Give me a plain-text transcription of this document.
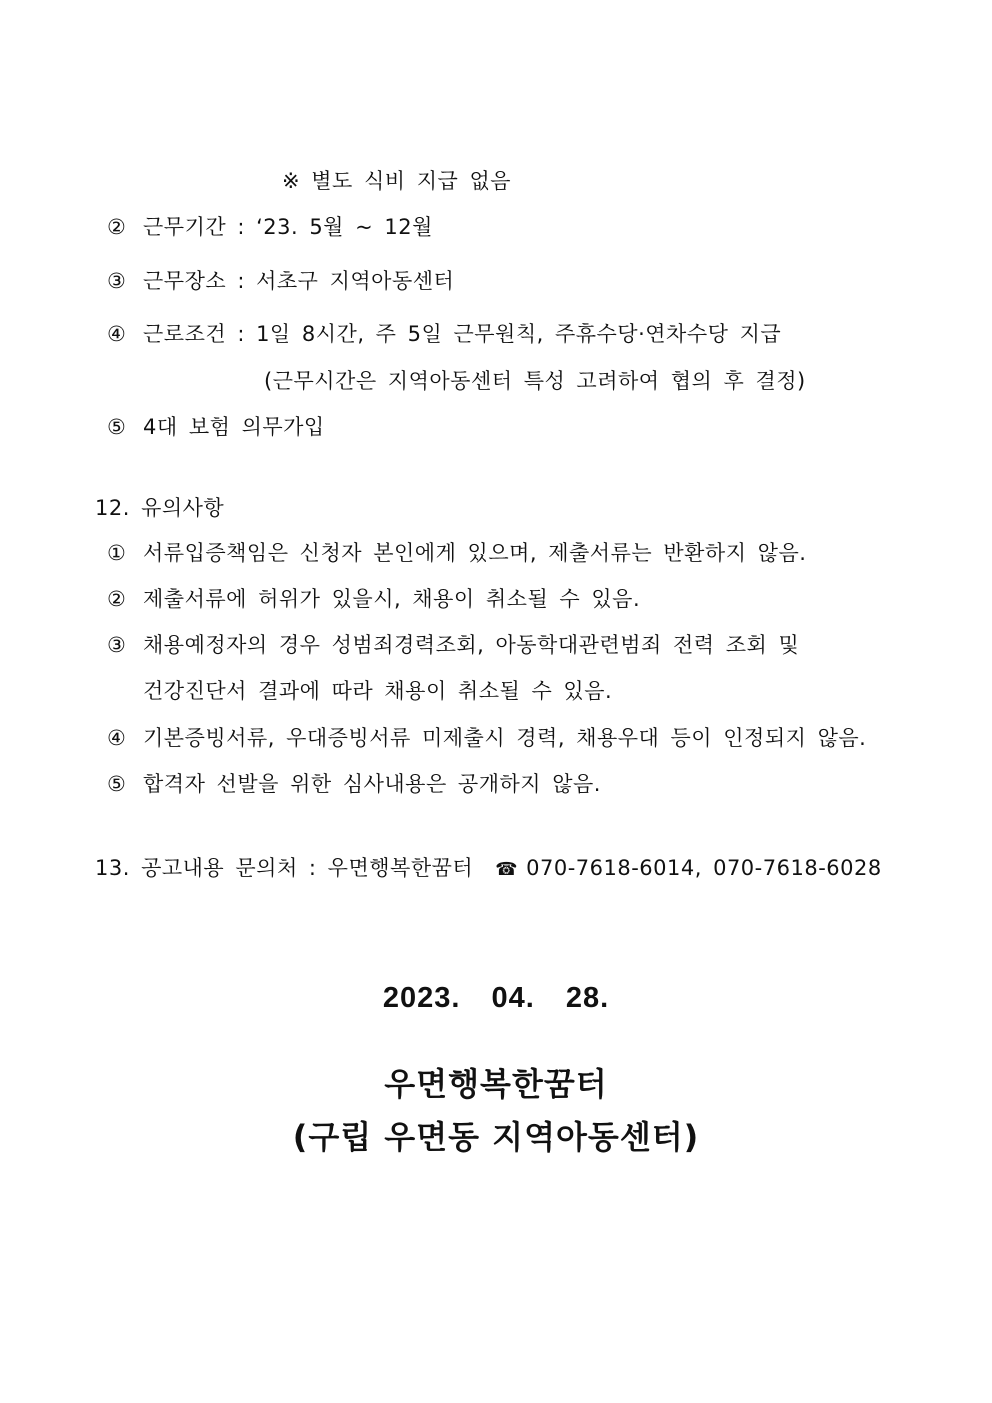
※ 별도 식비 지급 없음
② 근무기간 : ‘23. 5월 ~ 12월
③ 근무장소 : 서초구 지역아동센터
④ 근로조건 : 1일 8시간, 주 5일 근무원칙, 주휴수당·연차수당 지급
(근무시간은 지역아동센터 특성 고려하여 협의 후 결정)
⑤ 4대 보험 의무가입
12. 유의사항
① 서류입증책임은 신청자 본인에게 있으며, 제출서류는 반환하지 않음.
② 제출서류에 허위가 있을시, 채용이 취소될 수 있음.
③ 채용예정자의 경우 성범죄경력조회, 아동학대관련범죄 전력 조회 및
건강진단서 결과에 따라 채용이 취소될 수 있음.
④ 기본증빙서류, 우대증빙서류 미제출시 경력, 채용우대 등이 인정되지 않음.
⑤ 합격자 선발을 위한 심사내용은 공개하지 않음.
13. 공고내용 문의처 : 우면행복한꿈터 ☎ 070-7618-6014, 070-7618-6028
2023. 04. 28.
우면행복한꿈터
(구립 우면동 지역아동센터)
